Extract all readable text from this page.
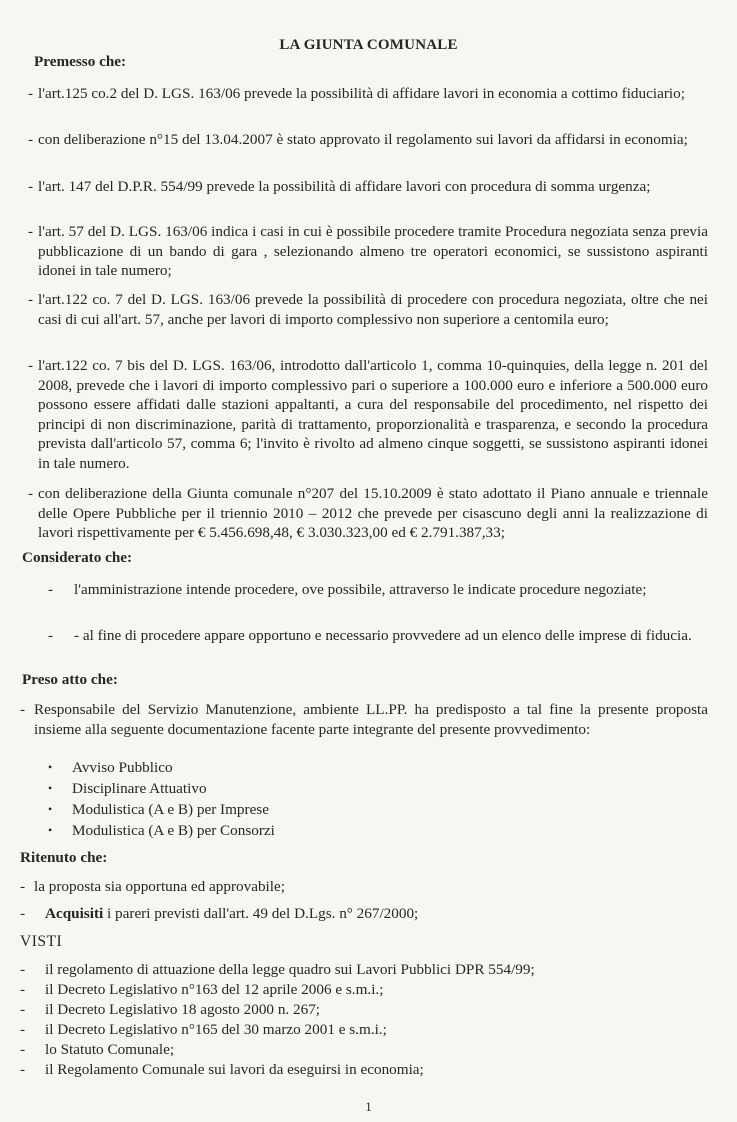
LA GIUNTA COMUNALE
Premesso che:
- l'art.125 co.2 del D. LGS. 163/06 prevede la possibilità di affidare lavori in economia a cottimo fiduciario;
- con deliberazione n°15 del 13.04.2007 è stato approvato il regolamento sui lavori da affidarsi in economia;
- l'art. 147 del D.P.R. 554/99 prevede la possibilità di affidare lavori con procedura di somma urgenza;
- l'art. 57 del D. LGS. 163/06 indica i casi in cui è possibile procedere tramite Procedura negoziata senza previa pubblicazione di un bando di gara , selezionando almeno tre operatori economici, se sussistono aspiranti idonei in tale numero;
- l'art.122 co. 7 del D. LGS. 163/06 prevede la possibilità di procedere con procedura negoziata, oltre che nei casi di cui all'art. 57, anche per lavori di importo complessivo non superiore a centomila euro;
- l'art.122 co. 7 bis del D. LGS. 163/06, introdotto dall'articolo 1, comma 10-quinquies, della legge n. 201 del 2008, prevede che i lavori di importo complessivo pari o superiore a 100.000 euro e inferiore a 500.000 euro possono essere affidati dalle stazioni appaltanti, a cura del responsabile del procedimento, nel rispetto dei principi di non discriminazione, parità di trattamento, proporzionalità e trasparenza, e secondo la procedura prevista dall'articolo 57, comma 6; l'invito è rivolto ad almeno cinque soggetti, se sussistono aspiranti idonei in tale numero.
- con deliberazione della Giunta comunale n°207 del 15.10.2009 è stato adottato il Piano annuale e triennale delle Opere Pubbliche per il triennio 2010 – 2012 che prevede per cisascuno degli anni la realizzazione di lavori rispettivamente per € 5.456.698,48, € 3.030.323,00 ed € 2.791.387,33;
Considerato che:
- l'amministrazione intende procedere, ove possibile, attraverso le indicate procedure negoziate;
- - al fine di procedere appare opportuno e necessario provvedere ad un elenco delle imprese di fiducia.
Preso atto che:
- Responsabile del Servizio Manutenzione, ambiente LL.PP. ha predisposto a tal fine la presente proposta insieme alla seguente documentazione facente parte integrante del presente provvedimento:
• Avviso Pubblico
• Disciplinare Attuativo
• Modulistica (A e B) per Imprese
• Modulistica (A e B) per Consorzi
Ritenuto che:
- la proposta sia opportuna ed approvabile;
- Acquisiti i pareri previsti dall'art. 49 del D.Lgs. n° 267/2000;
VISTI
- il regolamento di attuazione della legge quadro sui Lavori Pubblici DPR 554/99;
- il Decreto Legislativo n°163 del 12 aprile 2006 e s.m.i.;
- il Decreto Legislativo 18 agosto 2000 n. 267;
- il Decreto Legislativo n°165 del 30 marzo 2001 e s.m.i.;
- lo Statuto Comunale;
- il Regolamento Comunale sui lavori da eseguirsi in economia;
1
